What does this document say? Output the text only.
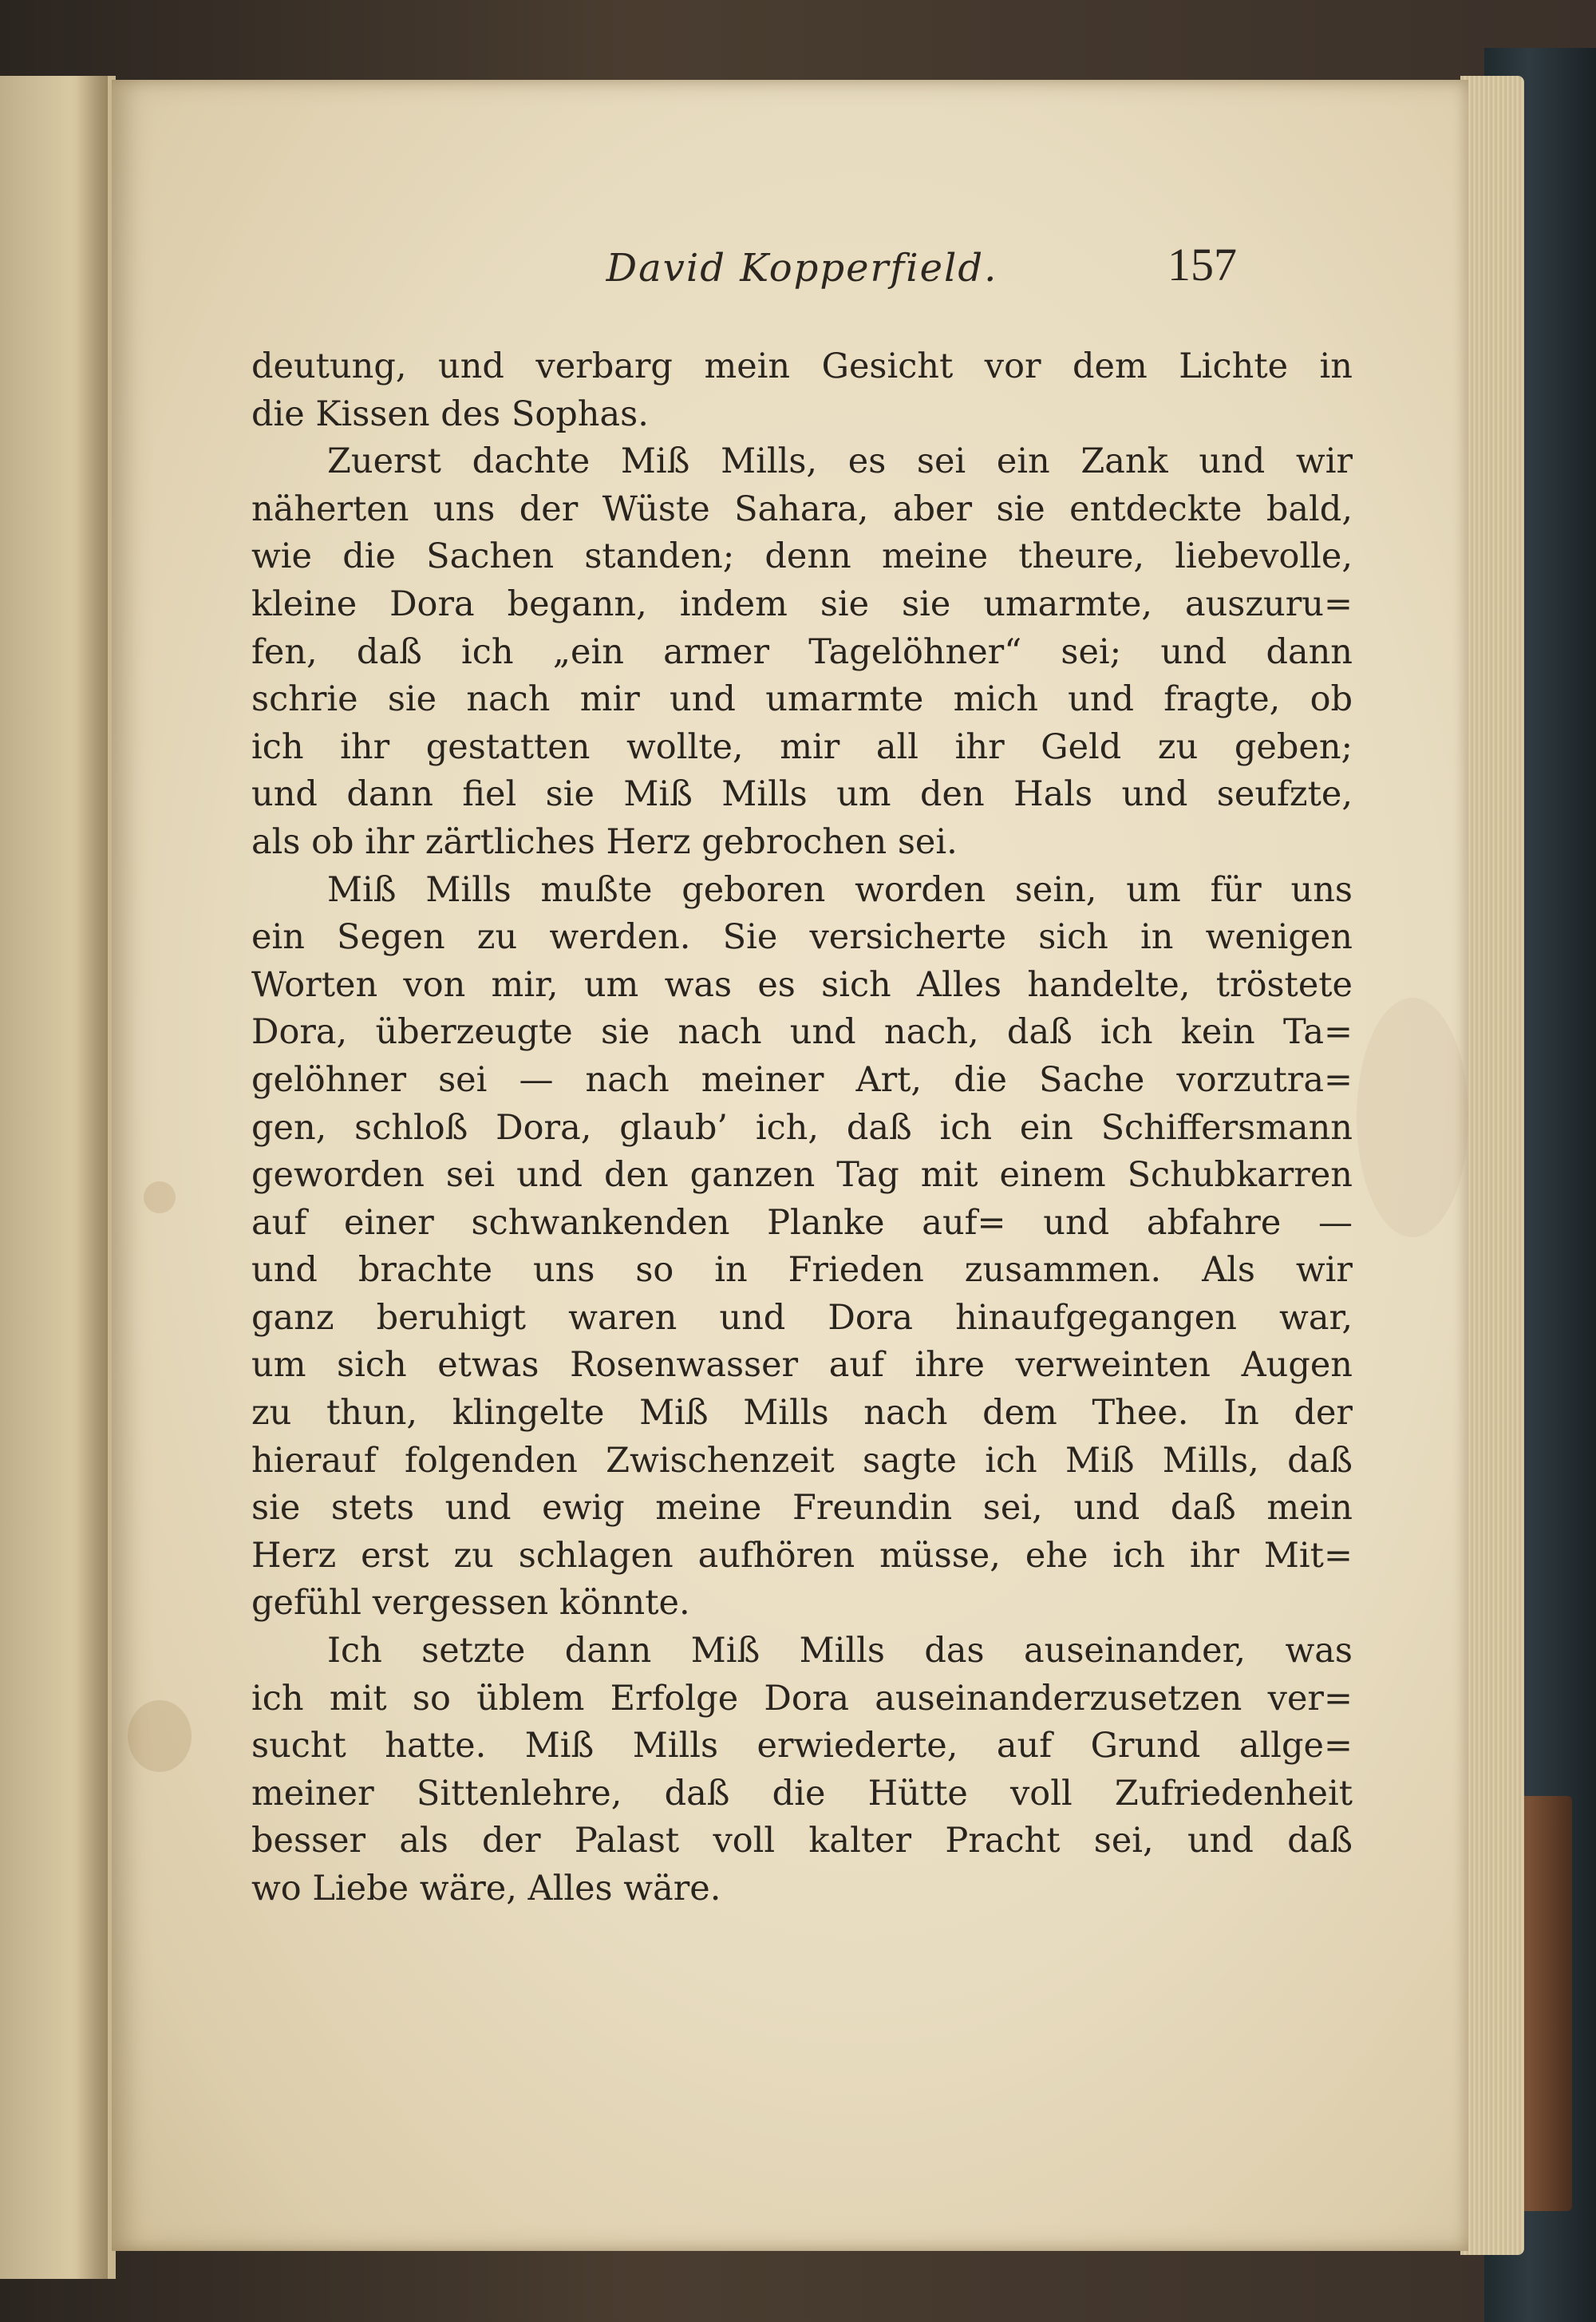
David Kopperfield.	157
deutung, und verbarg mein Gesicht vor dem Lichte in
die Kissen des Sophas.
Zuerst dachte Miß Mills, es sei ein Zank und wir
näherten uns der Wüste Sahara, aber sie entdeckte bald,
wie die Sachen standen; denn meine theure, liebevolle,
kleine Dora begann, indem sie sie umarmte, auszuru=
fen, daß ich „ein armer Tagelöhner“ sei; und dann
schrie sie nach mir und umarmte mich und fragte, ob
ich ihr gestatten wollte, mir all ihr Geld zu geben;
und dann fiel sie Miß Mills um den Hals und seufzte,
als ob ihr zärtliches Herz gebrochen sei.
Miß Mills mußte geboren worden sein, um für uns
ein Segen zu werden. Sie versicherte sich in wenigen
Worten von mir, um was es sich Alles handelte, tröstete
Dora, überzeugte sie nach und nach, daß ich kein Ta=
gelöhner sei — nach meiner Art, die Sache vorzutra=
gen, schloß Dora, glaub’ ich, daß ich ein Schiffersmann
geworden sei und den ganzen Tag mit einem Schubkarren
auf einer schwankenden Planke auf= und abfahre —
und brachte uns so in Frieden zusammen. Als wir
ganz beruhigt waren und Dora hinaufgegangen war,
um sich etwas Rosenwasser auf ihre verweinten Augen
zu thun, klingelte Miß Mills nach dem Thee. In der
hierauf folgenden Zwischenzeit sagte ich Miß Mills, daß
sie stets und ewig meine Freundin sei, und daß mein
Herz erst zu schlagen aufhören müsse, ehe ich ihr Mit=
gefühl vergessen könnte.
Ich setzte dann Miß Mills das auseinander, was
ich mit so üblem Erfolge Dora auseinanderzusetzen ver=
sucht hatte. Miß Mills erwiederte, auf Grund allge=
meiner Sittenlehre, daß die Hütte voll Zufriedenheit
besser als der Palast voll kalter Pracht sei, und daß
wo Liebe wäre, Alles wäre.
